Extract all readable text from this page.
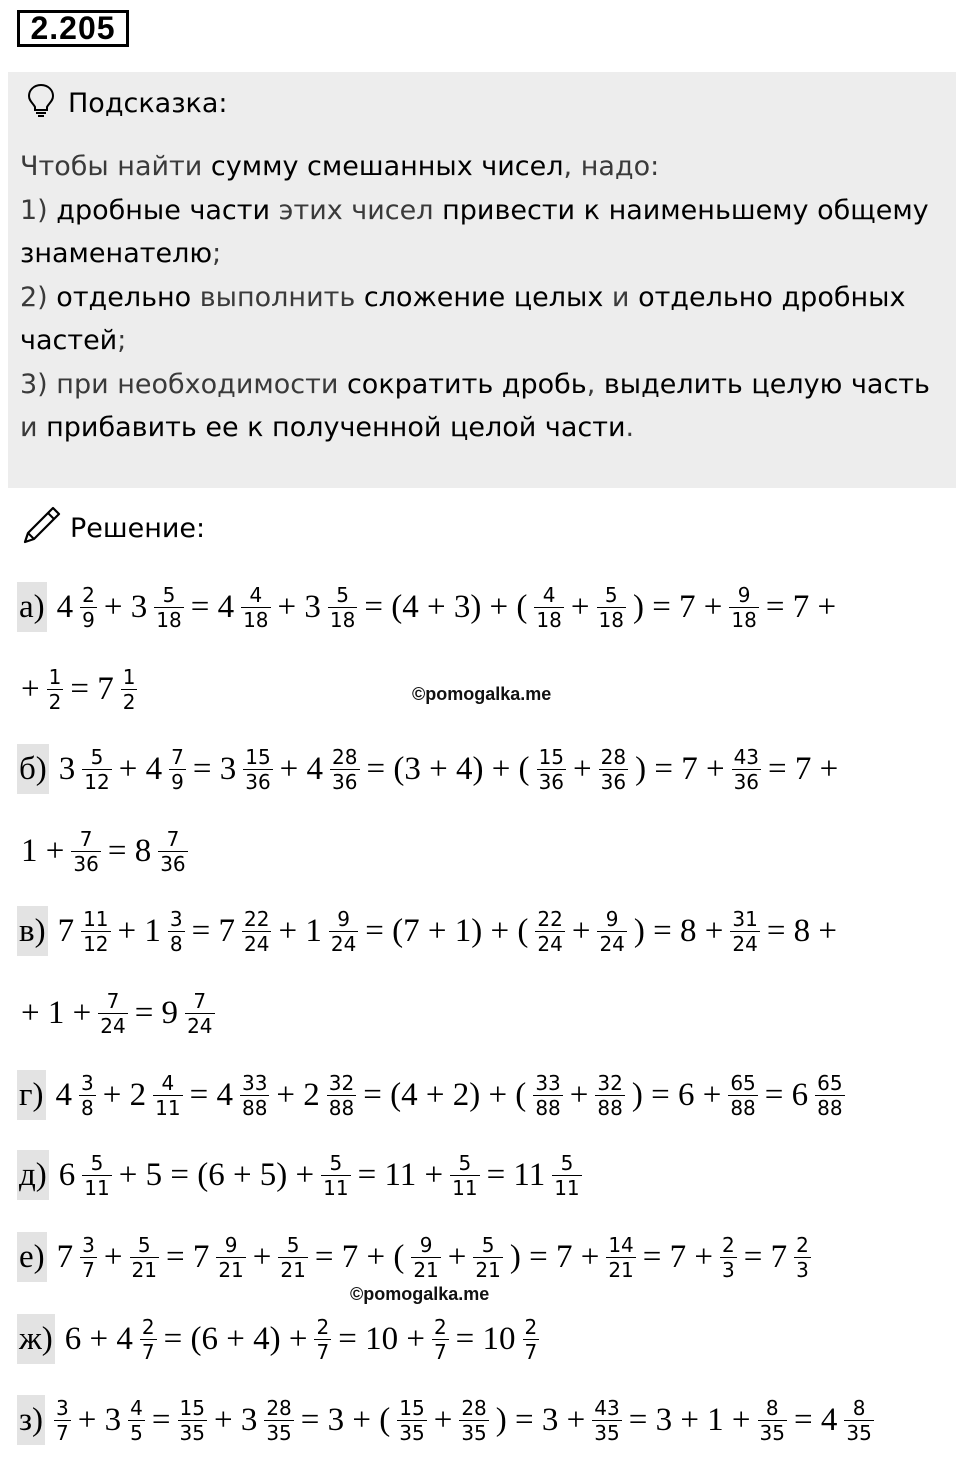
2.205
Подсказка:
Чтобы найти сумму смешанных чисел, надо:
1) дробные части этих чисел привести к наименьшему общему знаменателю;
2) отдельно выполнить сложение целых и отдельно дробных частей;
3) при необходимости сократить дробь, выделить целую часть и прибавить ее к полученной целой части.
Решение:
а) $4 \frac{2}{9} + 3 \frac{5}{18} = 4 \frac{4}{18} + 3 \frac{5}{18} = (4 + 3)$ + ( $\frac{4}{18} + \frac{5}{18}$ ) = $7 + \frac{9}{18} = 7$ +
+ $\frac{1}{2} = 7 \frac{1}{2}$
б) $3 \frac{5}{12} + 4 \frac{7}{9} = 3 \frac{15}{36} + 4 \frac{28}{36} = (3 + 4)$ + ( $\frac{15}{36} + \frac{28}{36}$ ) = $7 + \frac{43}{36} = 7$ +
$1 + \frac{7}{36} = 8 \frac{7}{36}$
в) $7 \frac{11}{12} + 1 \frac{3}{8} = 7 \frac{22}{24} + 1 \frac{9}{24} = (7 + 1)$ + ( $\frac{22}{24} + \frac{9}{24}$ ) = $8 + \frac{31}{24} = 8$ +
+ $1 + \frac{7}{24} = 9 \frac{7}{24}$
г) $4 \frac{3}{8} + 2 \frac{4}{11} = 4 \frac{33}{88} + 2 \frac{32}{88} = (4 + 2)$ + ( $\frac{33}{88} + \frac{32}{88}$ ) = $6 + \frac{65}{88} = 6 \frac{65}{88}$
д) $6 \frac{5}{11} + 5 = (6 + 5) + \frac{5}{11} = 11 + \frac{5}{11} = 11 \frac{5}{11}$
е) $7 \frac{3}{7} + \frac{5}{21} = 7 \frac{9}{21} + \frac{5}{21} = 7$ + ( $\frac{9}{21} + \frac{5}{21}$ ) = $7 + \frac{14}{21} = 7 + \frac{2}{3} = 7 \frac{2}{3}$
ж) $6 + 4 \frac{2}{7} = (6 + 4) + \frac{2}{7} = 10 + \frac{2}{7} = 10 \frac{2}{7}$
$з) \frac{3}{7} + 3 \frac{4}{5} = \frac{15}{35} + 3 \frac{28}{35} = 3$ + ( $\frac{15}{35} + \frac{28}{35}$ ) = $3 + \frac{43}{35} = 3 + 1 + \frac{8}{35} = 4 \frac{8}{35}$
©pomogalka.me
©pomogalka.me
